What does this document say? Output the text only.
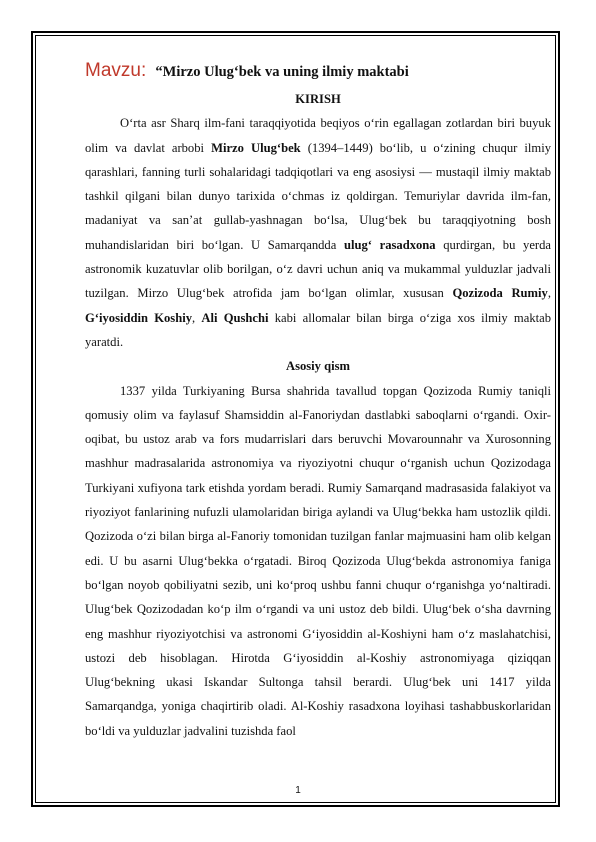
Mavzu: “Mirzo Ulug‘bek va uning ilmiy maktabi
KIRISH

O‘rta asr Sharq ilm-fani taraqqiyotida beqiyos o‘rin egallagan zotlardan biri buyuk olim va davlat arbobi Mirzo Ulug‘bek (1394–1449) bo‘lib, u o‘zining chuqur ilmiy qarashlari, fanning turli sohalaridagi tadqiqotlari va eng asosiysi — mustaqil ilmiy maktab tashkil qilgani bilan dunyo tarixida o‘chmas iz qoldirgan. Temuriylar davrida ilm-fan, madaniyat va san’at gullab-yashnagan bo‘lsa, Ulug‘bek bu taraqqiyotning bosh muhandislaridan biri bo‘lgan. U Samarqandda ulug‘ rasadxona qurdirgan, bu yerda astronomik kuzatuvlar olib borilgan, o‘z davri uchun aniq va mukammal yulduzlar jadvali tuzilgan. Mirzo Ulug‘bek atrofida jam bo‘lgan olimlar, xususan Qozizoda Rumiy, G‘iyosiddin Koshiy, Ali Qushchi kabi allomalar bilan birga o‘ziga xos ilmiy maktab yaratdi.

Asosiy qism

1337 yilda Turkiyaning Bursa shahrida tavallud topgan Qozizoda Rumiy taniqli qomusiy olim va faylasuf Shamsiddin al-Fanoriydan dastlabki saboqlarni o‘rgandi. Oxir-oqibat, bu ustoz arab va fors mudarrislari dars beruvchi Movarounnahr va Xurosonning mashhur madrasalarida astronomiya va riyoziyotni chuqur o‘rganish uchun Qozizodaga Turkiyani xufiyona tark etishda yordam beradi. Rumiy Samarqand madrasasida falakiyot va riyoziyot fanlarining nufuzli ulamolaridan biriga aylandi va Ulug‘bekka ham ustozlik qildi. Qozizoda o‘zi bilan birga al-Fanoriy tomonidan tuzilgan fanlar majmuasini ham olib kelgan edi. U bu asarni Ulug‘bekka o‘rgatadi. Biroq Qozizoda Ulug‘bekda astronomiya faniga bo‘lgan noyob qobiliyatni sezib, uni ko‘proq ushbu fanni chuqur o‘rganishga yo‘naltiradi. Ulug‘bek Qozizodadan ko‘p ilm o‘rgandi va uni ustoz deb bildi. Ulug‘bek o‘sha davrning eng mashhur riyoziyotchisi va astronomi G‘iyosiddin al-Koshiyni ham o‘z maslahatchisi, ustozi deb hisoblagan. Hirotda G‘iyosiddin al-Koshiy astronomiyaga qiziqqan Ulug‘bekning ukasi Iskandar Sultonga tahsil berardi. Ulug‘bek uni 1417 yilda Samarqandga, yoniga chaqirtirib oladi. Al-Koshiy rasadxona loyihasi tashabbuskorlaridan bo‘ldi va yulduzlar jadvalini tuzishda faol

1
